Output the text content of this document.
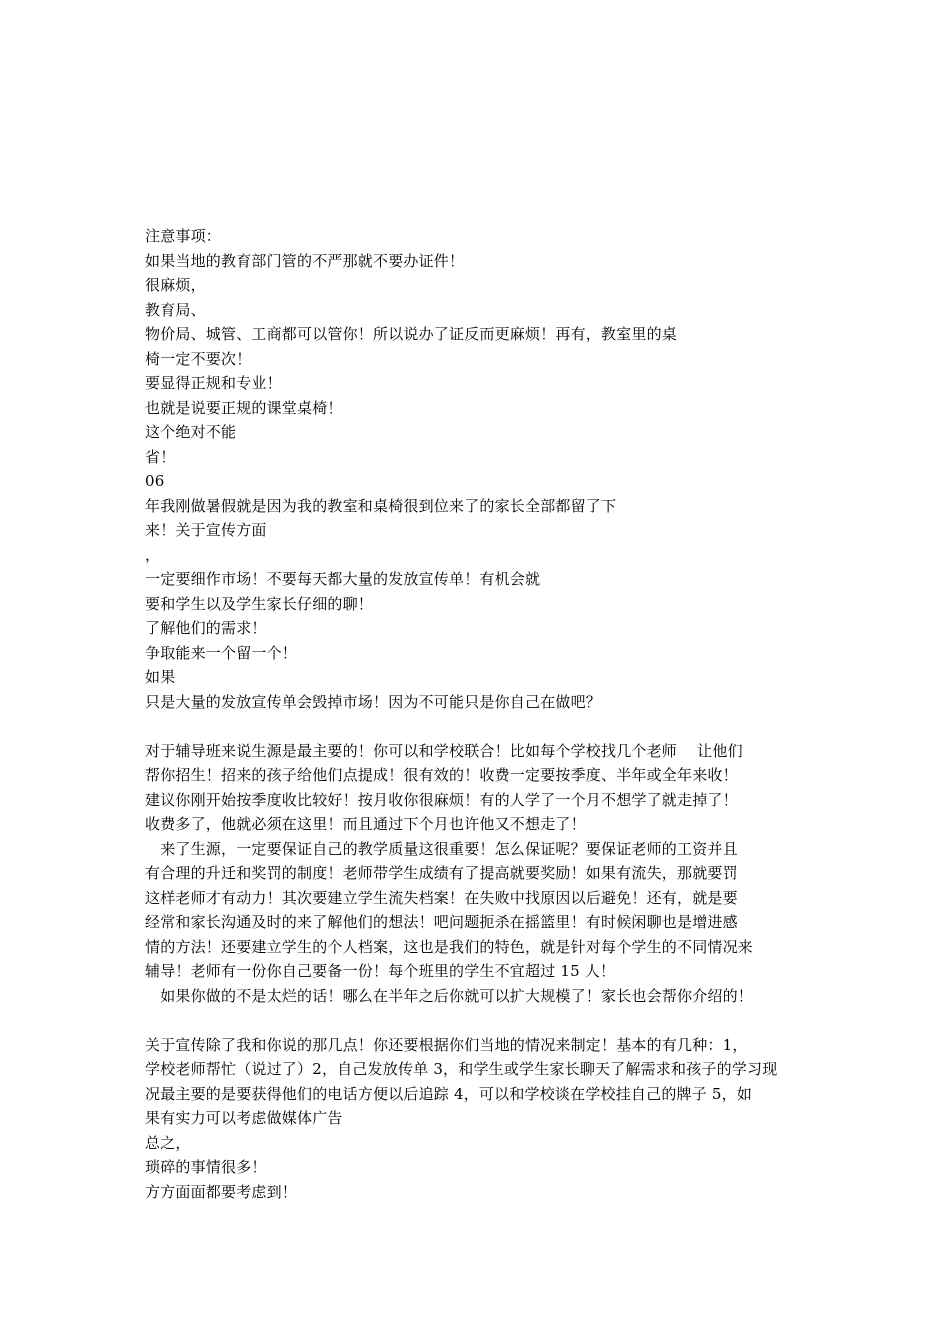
注意事项：
如果当地的教育部门管的不严那就不要办证件！
很麻烦，
教育局、
物价局、城管、工商都可以管你！所以说办了证反而更麻烦！再有，教室里的桌
椅一定不要次！
要显得正规和专业！
也就是说要正规的课堂桌椅！
这个绝对不能
省！
06
年我刚做暑假就是因为我的教室和桌椅很到位来了的家长全部都留了下
来！关于宣传方面
，
一定要细作市场！不要每天都大量的发放宣传单！有机会就
要和学生以及学生家长仔细的聊！
了解他们的需求！
争取能来一个留一个！
如果
只是大量的发放宣传单会毁掉市场！因为不可能只是你自己在做吧？
对于辅导班来说生源是最主要的！你可以和学校联合！比如每个学校找几个老师　 让他们
帮你招生！招来的孩子给他们点提成！很有效的！收费一定要按季度、半年或全年来收！
建议你刚开始按季度收比较好！按月收你很麻烦！有的人学了一个月不想学了就走掉了！
收费多了，他就必须在这里！而且通过下个月也许他又不想走了！
　来了生源，一定要保证自己的教学质量这很重要！怎么保证呢？要保证老师的工资并且
有合理的升迁和奖罚的制度！老师带学生成绩有了提高就要奖励！如果有流失，那就要罚
这样老师才有动力！其次要建立学生流失档案！在失败中找原因以后避免！还有，就是要
经常和家长沟通及时的来了解他们的想法！吧问题扼杀在摇篮里！有时候闲聊也是增进感
情的方法！还要建立学生的个人档案，这也是我们的特色，就是针对每个学生的不同情况来
辅导！老师有一份你自己要备一份！每个班里的学生不宜超过 15 人！
　如果你做的不是太烂的话！哪么在半年之后你就可以扩大规模了！家长也会帮你介绍的！
关于宣传除了我和你说的那几点！你还要根据你们当地的情况来制定！基本的有几种：1，
学校老师帮忙（说过了）2，自己发放传单 3，和学生或学生家长聊天了解需求和孩子的学习现
况最主要的是要获得他们的电话方便以后追踪 4，可以和学校谈在学校挂自己的牌子 5，如
果有实力可以考虑做媒体广告
总之，
琐碎的事情很多！
方方面面都要考虑到！
